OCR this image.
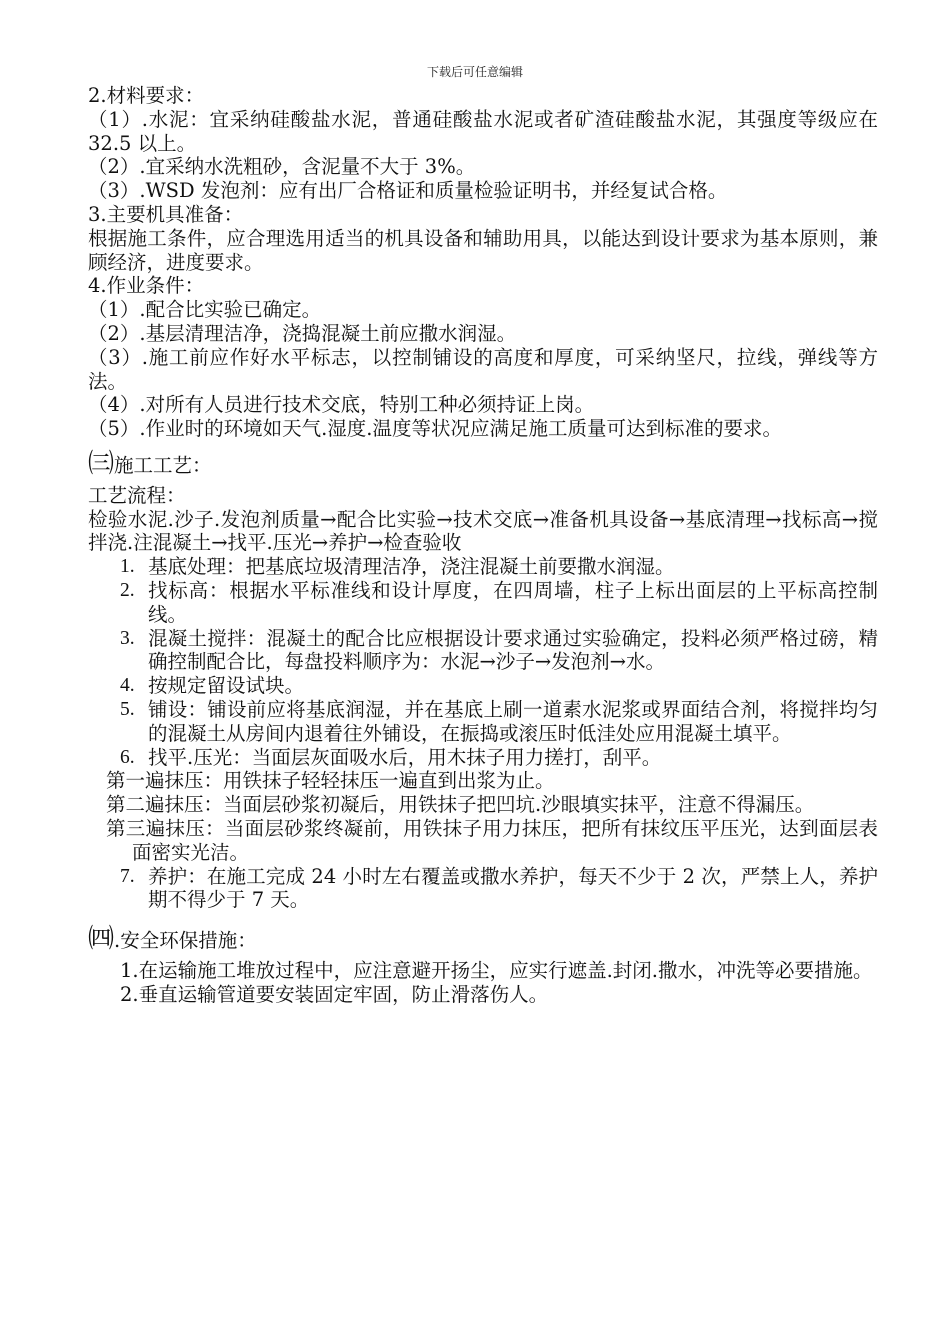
下载后可任意编辑

2.材料要求：

（1）.水泥：宜采纳硅酸盐水泥，普通硅酸盐水泥或者矿渣硅酸盐水泥，其强度等级应在 32.5 以上。

（2）.宜采纳水洗粗砂，含泥量不大于 3%。

（3）.WSD 发泡剂：应有出厂合格证和质量检验证明书，并经复试合格。

3.主要机具准备：

根据施工条件，应合理选用适当的机具设备和辅助用具，以能达到设计要求为基本原则，兼顾经济，进度要求。

4.作业条件：

（1）.配合比实验已确定。

（2）.基层清理洁净，浇捣混凝土前应撒水润湿。

（3）.施工前应作好水平标志，以控制铺设的高度和厚度，可采纳坚尺，拉线，弹线等方法。

（4）.对所有人员进行技术交底，特别工种必须持证上岗。

（5）.作业时的环境如天气.湿度.温度等状况应满足施工质量可达到标准的要求。

㈢施工工艺：

工艺流程：

检验水泥.沙子.发泡剂质量→配合比实验→技术交底→准备机具设备→基底清理→找标高→搅拌浇.注混凝土→找平.压光→养护→检查验收

1. 基底处理：把基底垃圾清理洁净，浇注混凝土前要撒水润湿。

2. 找标高：根据水平标准线和设计厚度，在四周墙，柱子上标出面层的上平标高控制线。

3. 混凝土搅拌：混凝土的配合比应根据设计要求通过实验确定，投料必须严格过磅，精确控制配合比，每盘投料顺序为：水泥→沙子→发泡剂→水。

4. 按规定留设试块。

5. 铺设：铺设前应将基底润湿，并在基底上刷一道素水泥浆或界面结合剂，将搅拌均匀的混凝土从房间内退着往外铺设，在振捣或滚压时低洼处应用混凝土填平。

6. 找平.压光：当面层灰面吸水后，用木抹子用力搓打，刮平。

第一遍抹压：用铁抹子轻轻抹压一遍直到出浆为止。

第二遍抹压：当面层砂浆初凝后，用铁抹子把凹坑.沙眼填实抹平，注意不得漏压。

第三遍抹压：当面层砂浆终凝前，用铁抹子用力抹压，把所有抹纹压平压光，达到面层表面密实光洁。

7. 养护：在施工完成 24 小时左右覆盖或撒水养护，每天不少于 2 次，严禁上人，养护期不得少于 7 天。

㈣.安全环保措施：

1.在运输施工堆放过程中，应注意避开扬尘，应实行遮盖.封闭.撒水，冲洗等必要措施。

2.垂直运输管道要安装固定牢固，防止滑落伤人。
